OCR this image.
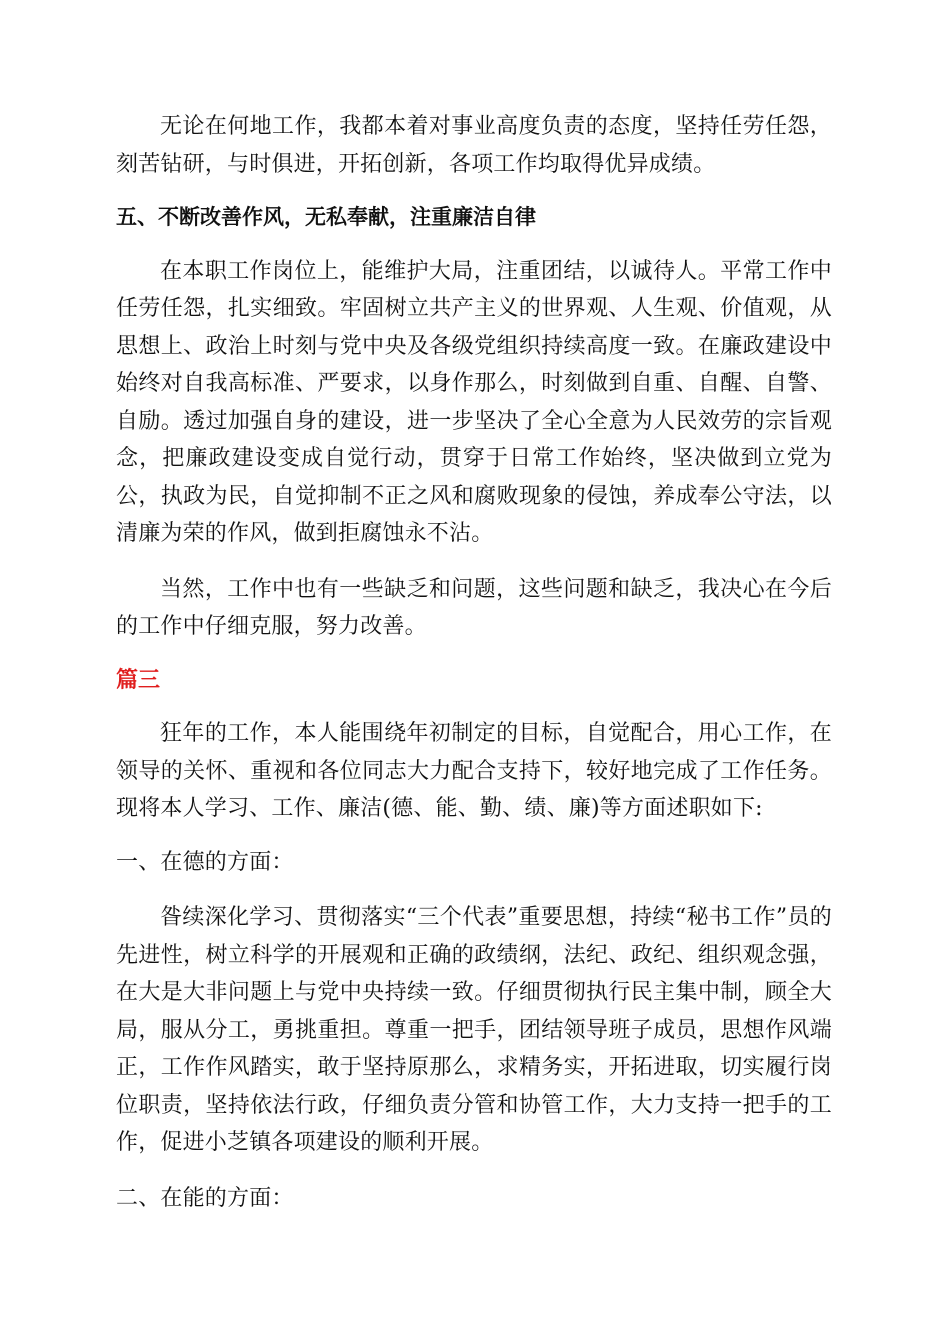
无论在何地工作，我都本着对事业高度负责的态度，坚持任劳任怨，刻苦钻研，与时俱进，开拓创新，各项工作均取得优异成绩。

五、不断改善作风，无私奉献，注重廉洁自律

在本职工作岗位上，能维护大局，注重团结，以诚待人。平常工作中任劳任怨，扎实细致。牢固树立共产主义的世界观、人生观、价值观，从思想上、政治上时刻与党中央及各级党组织持续高度一致。在廉政建设中始终对自我高标准、严要求，以身作那么，时刻做到自重、自醒、自警、自励。透过加强自身的建设，进一步坚决了全心全意为人民效劳的宗旨观念，把廉政建设变成自觉行动，贯穿于日常工作始终，坚决做到立党为公，执政为民，自觉抑制不正之风和腐败现象的侵蚀，养成奉公守法，以清廉为荣的作风，做到拒腐蚀永不沾。

当然，工作中也有一些缺乏和问题，这些问题和缺乏，我决心在今后的工作中仔细克服，努力改善。

篇三

狂年的工作，本人能围绕年初制定的目标，自觉配合，用心工作，在领导的关怀、重视和各位同志大力配合支持下，较好地完成了工作任务。现将本人学习、工作、廉洁(德、能、勤、绩、廉)等方面述职如下:

一、在德的方面：

昝续深化学习、贯彻落实“三个代表”重要思想，持续“秘书工作”员的先进性，树立科学的开展观和正确的政绩纲，法纪、政纪、组织观念强，在大是大非问题上与党中央持续一致。仔细贯彻执行民主集中制，顾全大局，服从分工，勇挑重担。尊重一把手，团结领导班子成员，思想作风端正，工作作风踏实，敢于坚持原那么，求精务实，开拓进取，切实履行岗位职责，坚持依法行政，仔细负责分管和协管工作，大力支持一把手的工作，促进小芝镇各项建设的顺利开展。

二、在能的方面：
